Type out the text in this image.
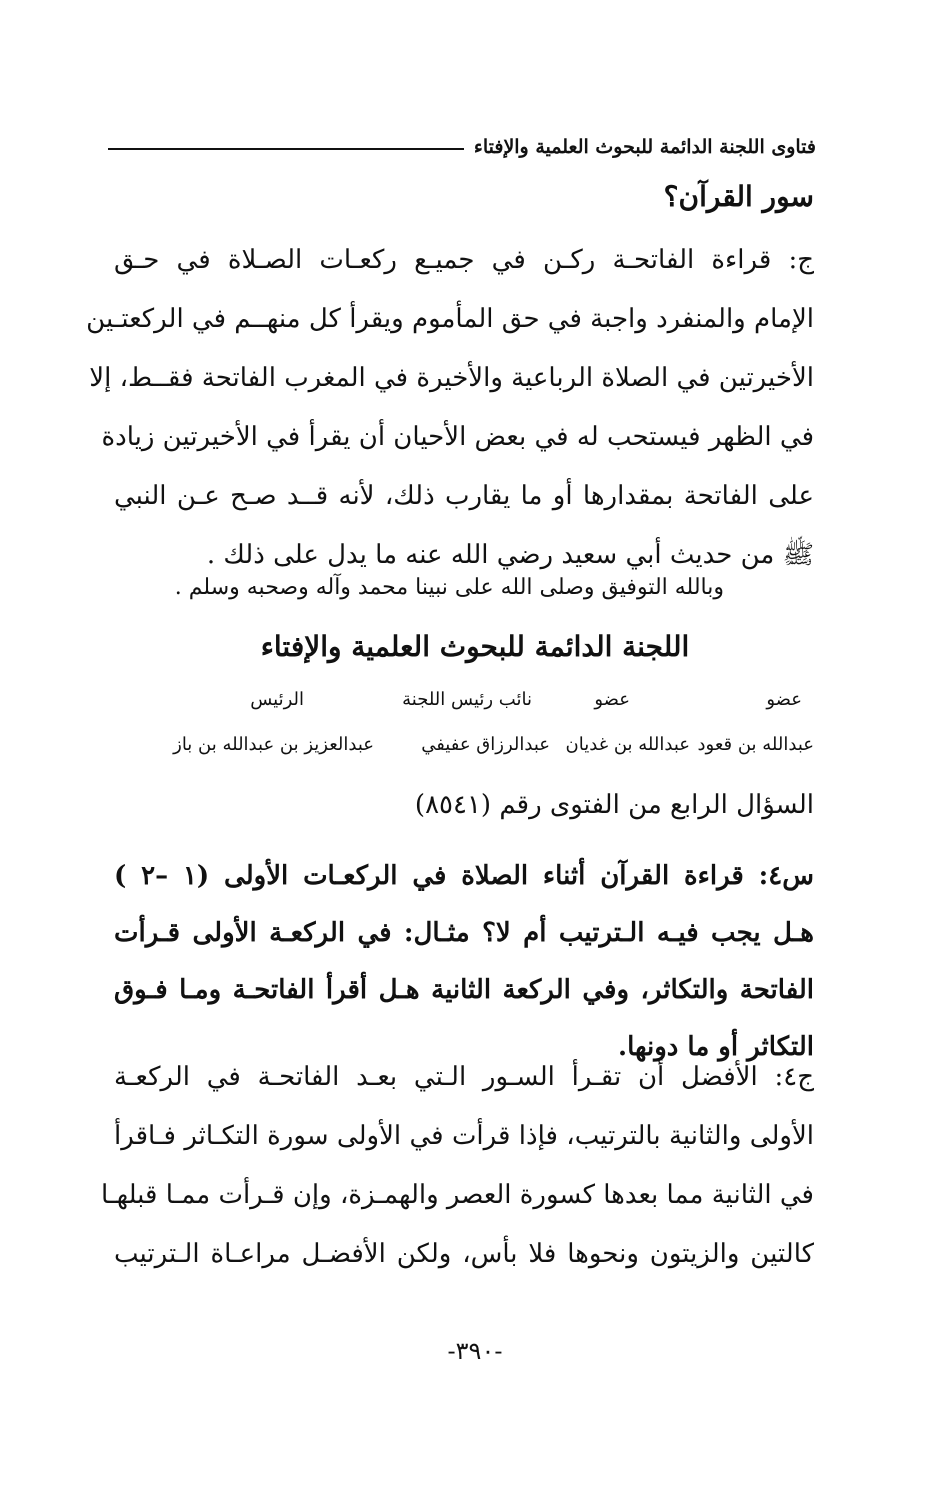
فتاوى اللجنة الدائمة للبحوث العلمية والإفتاء
سور القرآن؟
ج: قراءة الفاتحـة ركـن في جميـع ركعـات الصـلاة في حـق
الإمام والمنفرد واجبة في حق المأموم ويقرأ كل منهــم في الركعتـين
الأخيرتين في الصلاة الرباعية والأخيرة في المغرب الفاتحة فقــط، إلا
في الظهر فيستحب له في بعض الأحيان أن يقرأ في الأخيرتين زيادة
على الفاتحة بمقدارها أو ما يقارب ذلك، لأنه قــد صـح عـن النبي
ﷺ من حديث أبي سعيد رضي الله عنه ما يدل على ذلك .
وبالله التوفيق وصلى الله على نبينا محمد وآله وصحبه وسلم .
اللجنة الدائمة للبحوث العلمية والإفتاء
عضو
عضو
نائب رئيس اللجنة
الرئيس
عبدالله بن قعود
عبدالله بن غديان
عبدالرزاق عفيفي
عبدالعزيز بن عبدالله بن باز
السؤال الرابع من الفتوى رقم (٨٥٤١)
س٤: قراءة القرآن أثناء الصلاة في الركعـات الأولى (١ –٢ )
هـل يجب فيـه الـترتيب أم لا؟ مثـال: في الركعـة الأولى قـرأت
الفاتحة والتكاثر، وفي الركعة الثانية هـل أقرأ الفاتحـة ومـا فـوق
التكاثر أو ما دونها.
ج٤: الأفضل أن تقـرأ السـور الـتي بعـد الفاتحـة في الركعـة
الأولى والثانية بالترتيب، فإذا قرأت في الأولى سورة التكـاثر فـاقرأ
في الثانية مما بعدها كسورة العصر والهمـزة، وإن قـرأت ممـا قبلهـا
كالتين والزيتون ونحوها فلا بأس، ولكن الأفضـل مراعـاة الـترتيب
-٣٩٠-
